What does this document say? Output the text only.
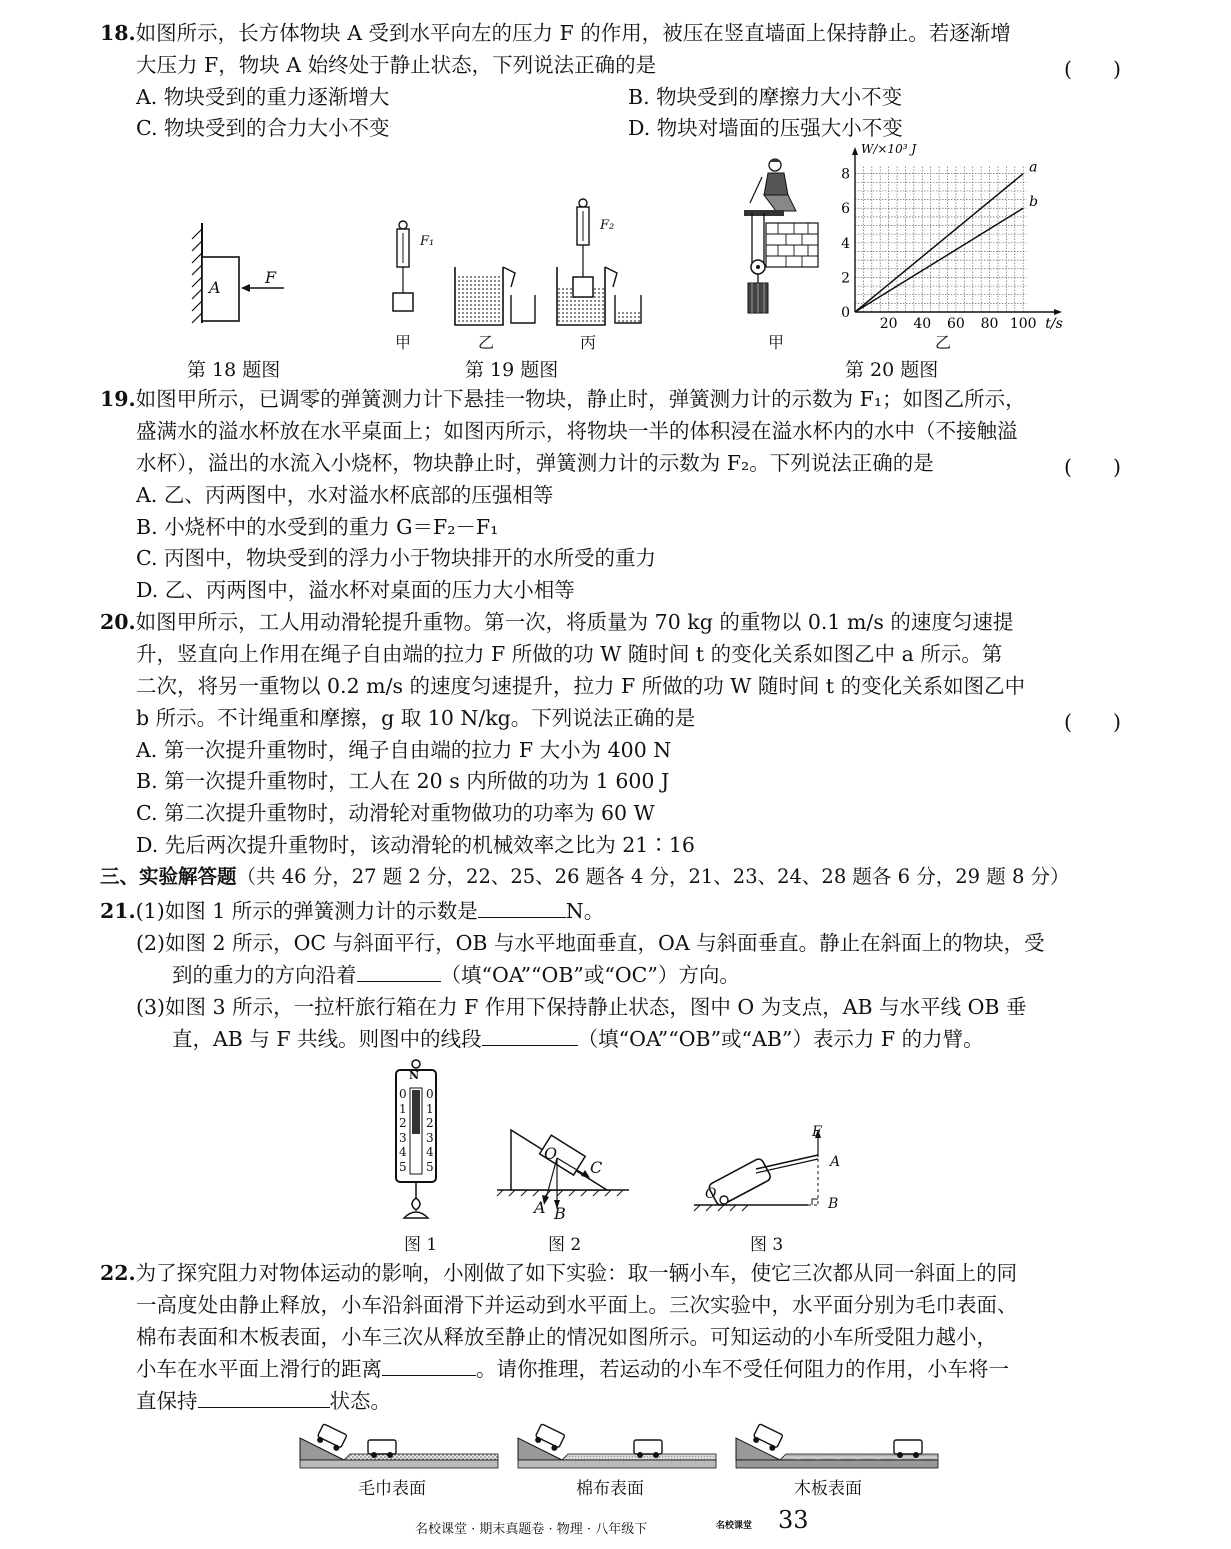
18.如图所示，长方体物块 A 受到水平向左的压力 F 的作用，被压在竖直墙面上保持静止。若逐渐增
大压力 F，物块 A 始终处于静止状态，下列说法正确的是	(　　)
A. 物块受到的重力逐渐增大	B. 物块受到的摩擦力大小不变
C. 物块受到的合力大小不变	D. 物块对墙面的压强大小不变
A
F
第 18 题图
F₁
F₂
甲	乙	丙
第 19 题图
甲
20 40 60 80 100
0
2
4
6
8
t/s
W/×10³ J
a
b
乙
第 20 题图
19.如图甲所示，已调零的弹簧测力计下悬挂一物块，静止时，弹簧测力计的示数为 F₁；如图乙所示，
盛满水的溢水杯放在水平桌面上；如图丙所示，将物块一半的体积浸在溢水杯内的水中（不接触溢
水杯），溢出的水流入小烧杯，物块静止时，弹簧测力计的示数为 F₂。下列说法正确的是	(　　)
A. 乙、丙两图中，水对溢水杯底部的压强相等
B. 小烧杯中的水受到的重力 G＝F₂－F₁
C. 丙图中，物块受到的浮力小于物块排开的水所受的重力
D. 乙、丙两图中，溢水杯对桌面的压力大小相等
20.如图甲所示，工人用动滑轮提升重物。第一次，将质量为 70 kg 的重物以 0.1 m/s 的速度匀速提
升，竖直向上作用在绳子自由端的拉力 F 所做的功 W 随时间 t 的变化关系如图乙中 a 所示。第
二次，将另一重物以 0.2 m/s 的速度匀速提升，拉力 F 所做的功 W 随时间 t 的变化关系如图乙中
b 所示。不计绳重和摩擦，g 取 10 N/kg。下列说法正确的是	(　　)
A. 第一次提升重物时，绳子自由端的拉力 F 大小为 400 N
B. 第一次提升重物时，工人在 20 s 内所做的功为 1 600 J
C. 第二次提升重物时，动滑轮对重物做功的功率为 60 W
D. 先后两次提升重物时，该动滑轮的机械效率之比为 21∶16
三、实验解答题（共 46 分，27 题 2 分，22、25、26 题各 4 分，21、23、24、28 题各 6 分，29 题 8 分）
21.(1)如图 1 所示的弹簧测力计的示数是	N。
(2)如图 2 所示，OC 与斜面平行，OB 与水平地面垂直，OA 与斜面垂直。静止在斜面上的物块，受
到的重力的方向沿着	（填“OA”“OB”或“OC”）方向。
(3)如图 3 所示，一拉杆旅行箱在力 F 作用下保持静止状态，图中 O 为支点，AB 与水平线 OB 垂
直，AB 与 F 共线。则图中的线段	（填“OA”“OB”或“AB”）表示力 F 的力臂。
0 0
1 1
2 2
3 3
4 4
5 5
N
O
C
A B
F
A
B
O
图 1	图 2	图 3
22.为了探究阻力对物体运动的影响，小刚做了如下实验：取一辆小车，使它三次都从同一斜面上的同
一高度处由静止释放，小车沿斜面滑下并运动到水平面上。三次实验中，水平面分别为毛巾表面、
棉布表面和木板表面，小车三次从释放至静止的情况如图所示。可知运动的小车所受阻力越小，
小车在水平面上滑行的距离	。请你推理，若运动的小车不受任何阻力的作用，小车将一
直保持	状态。
毛巾表面	棉布表面	木板表面
名校课堂 · 期末真题卷 · 物理 · 八年级下	名校课堂 33
